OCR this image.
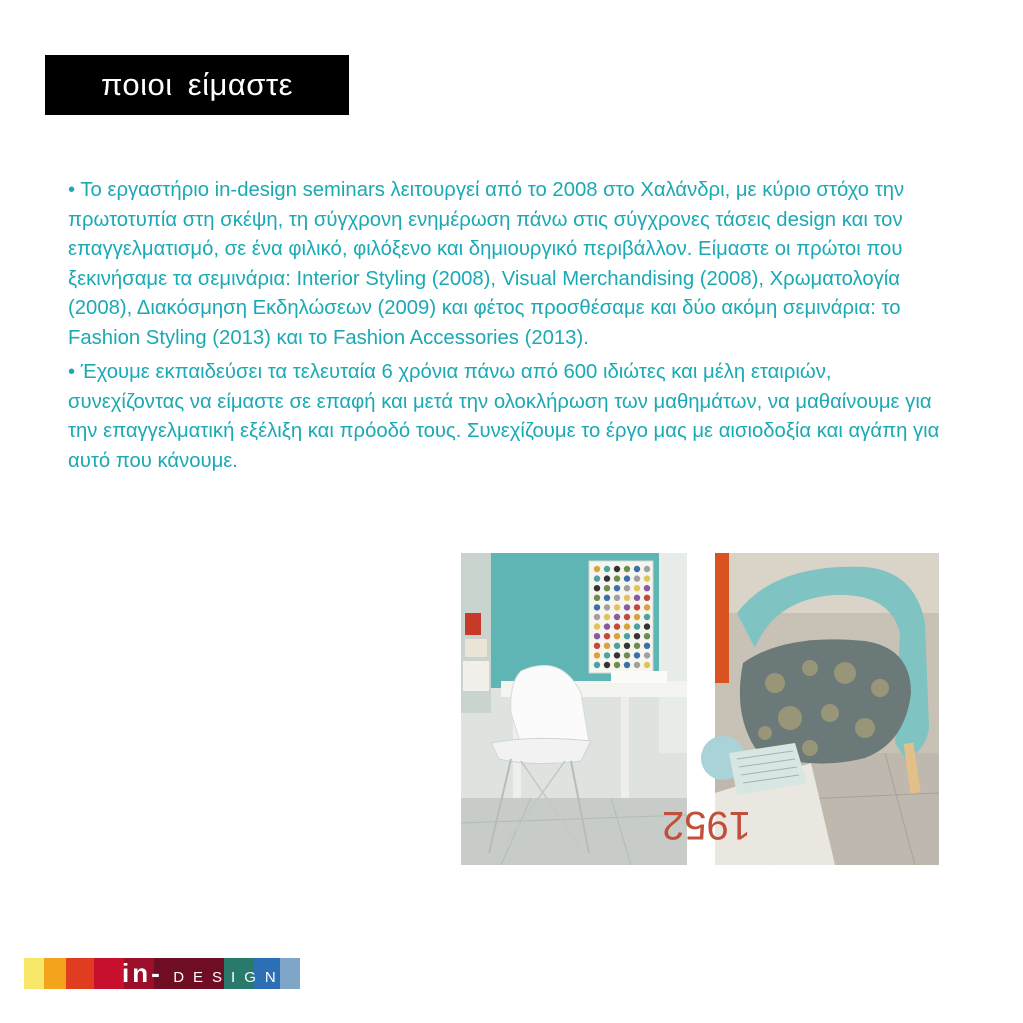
ποιοι είμαστε

• Το εργαστήριο in-design seminars λειτουργεί από το 2008 στο Χαλάνδρι, με κύριο στόχο την πρωτοτυπία στη σκέψη, τη σύγχρονη ενημέρωση πάνω στις σύγχρονες τάσεις design και τον επαγγελματισμό, σε ένα φιλικό, φιλόξενο και δημιουργικό περιβάλλον. Είμαστε οι πρώτοι που ξεκινήσαμε τα σεμινάρια: Interior Styling (2008), Visual Merchandising (2008), Χρωματολογία (2008), Διακόσμηση Εκδηλώσεων (2009) και φέτος προσθέσαμε και δύο ακόμη σεμινάρια: το Fashion Styling (2013) και το Fashion Accessories (2013).

• Έχουμε εκπαιδεύσει τα τελευταία 6 χρόνια πάνω από 600 ιδιώτες και μέλη εταιριών, συνεχίζοντας να είμαστε σε επαφή και μετά την ολοκλήρωση των μαθημάτων, να μαθαίνουμε για την επαγγελματική εξέλιξη και πρόοδό τους. Συνεχίζουμε το έργο μας με αισιοδοξία και αγάπη για αυτό που κάνουμε.

1952
in- DESIGN
